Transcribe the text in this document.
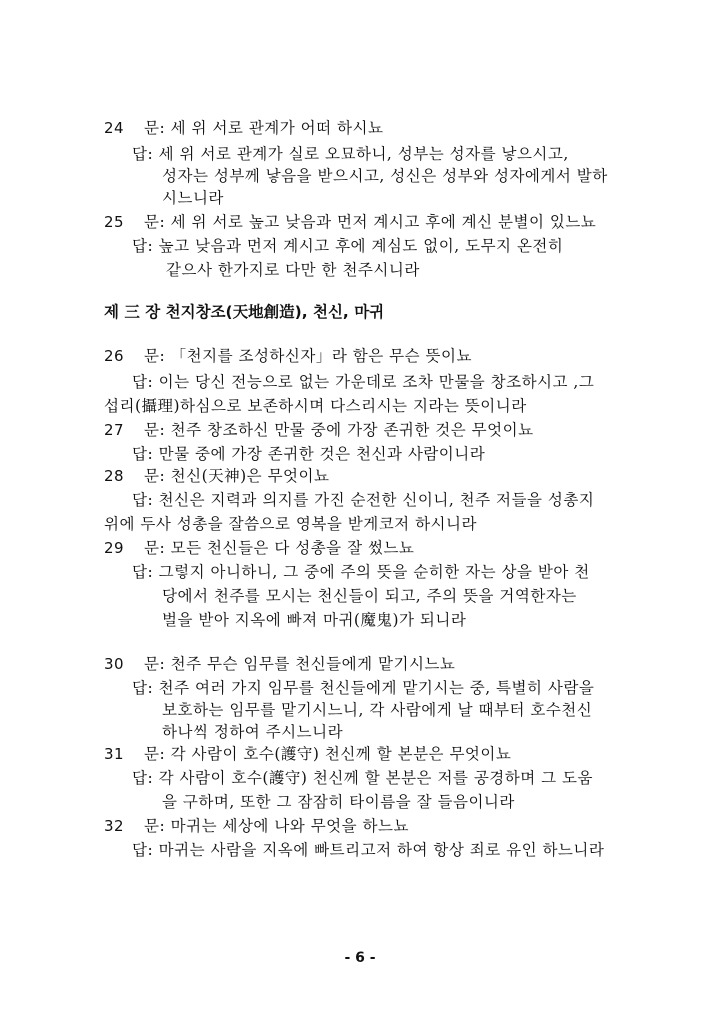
24 문: 세 위 서로 관계가 어떠 하시뇨
답: 세 위 서로 관계가 실로 오묘하니, 성부는 성자를 낳으시고,
성자는 성부께 낳음을 받으시고, 성신은 성부와 성자에게서 발하
시느니라
25 문: 세 위 서로 높고 낮음과 먼저 계시고 후에 계신 분별이 있느뇨
답: 높고 낮음과 먼저 계시고 후에 계심도 없이, 도무지 온전히
같으사 한가지로 다만 한 천주시니라
제 三 장 천지창조(天地創造), 천신, 마귀
26 문: 「천지를 조성하신자」라 함은 무슨 뜻이뇨
답: 이는 당신 전능으로 없는 가운데로 조차 만물을 창조하시고 ,그
섭리(攝理)하심으로 보존하시며 다스리시는 지라는 뜻이니라
27 문: 천주 창조하신 만물 중에 가장 존귀한 것은 무엇이뇨
답: 만물 중에 가장 존귀한 것은 천신과 사람이니라
28 문: 천신(天神)은 무엇이뇨
답: 천신은 지력과 의지를 가진 순전한 신이니, 천주 저들을 성총지
위에 두사 성총을 잘씀으로 영복을 받게코저 하시니라
29 문: 모든 천신들은 다 성총을 잘 썼느뇨
답: 그렇지 아니하니, 그 중에 주의 뜻을 순히한 자는 상을 받아 천
당에서 천주를 모시는 천신들이 되고, 주의 뜻을 거역한자는
벌을 받아 지옥에 빠져 마귀(魔鬼)가 되니라
30 문: 천주 무슨 임무를 천신들에게 맡기시느뇨
답: 천주 여러 가지 임무를 천신들에게 맡기시는 중, 특별히 사람을
보호하는 임무를 맡기시느니, 각 사람에게 날 때부터 호수천신
하나씩 정하여 주시느니라
31 문: 각 사람이 호수(護守) 천신께 할 본분은 무엇이뇨
답: 각 사람이 호수(護守) 천신께 할 본분은 저를 공경하며 그 도움
을 구하며, 또한 그 잠잠히 타이름을 잘 들음이니라
32 문: 마귀는 세상에 나와 무엇을 하느뇨
답: 마귀는 사람을 지옥에 빠트리고저 하여 항상 죄로 유인 하느니라
- 6 -
